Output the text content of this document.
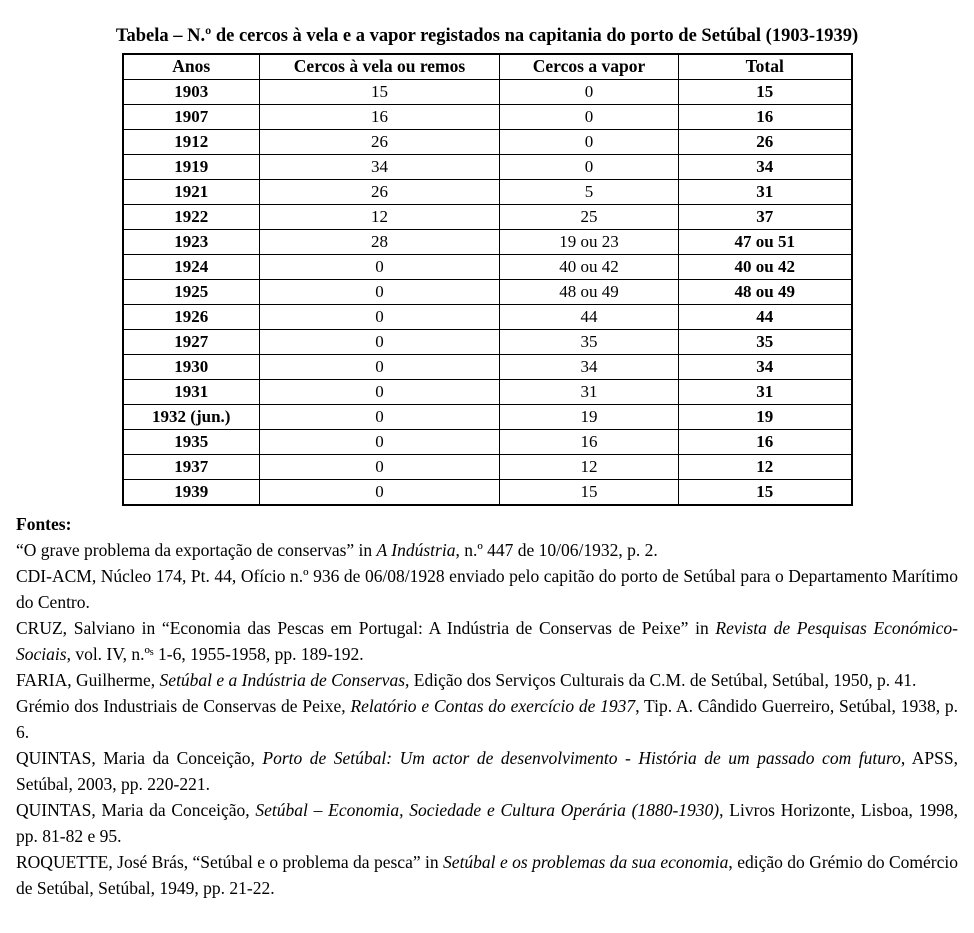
Tabela – N.º de cercos à vela e a vapor registados na capitania do porto de Setúbal (1903-1939)
Anos	Cercos à vela ou remos	Cercos a vapor	Total
1903	15	0	15
1907	16	0	16
1912	26	0	26
1919	34	0	34
1921	26	5	31
1922	12	25	37
1923	28	19 ou 23	47 ou 51
1924	0	40 ou 42	40 ou 42
1925	0	48 ou 49	48 ou 49
1926	0	44	44
1927	0	35	35
1930	0	34	34
1931	0	31	31
1932 (jun.)	0	19	19
1935	0	16	16
1937	0	12	12
1939	0	15	15

Fontes:

“O grave problema da exportação de conservas” in A Indústria, n.º 447 de 10/06/1932, p. 2.

CDI-ACM, Núcleo 174, Pt. 44, Ofício n.º 936 de 06/08/1928 enviado pelo capitão do porto de Setúbal para o Departamento Marítimo do Centro.

CRUZ, Salviano in “Economia das Pescas em Portugal: A Indústria de Conservas de Peixe” in Revista de Pesquisas Económico-Sociais, vol. IV, n.ºˢ 1-6, 1955-1958, pp. 189-192.

FARIA, Guilherme, Setúbal e a Indústria de Conservas, Edição dos Serviços Culturais da C.M. de Setúbal, Setúbal, 1950, p. 41.

Grémio dos Industriais de Conservas de Peixe, Relatório e Contas do exercício de 1937, Tip. A. Cândido Guerreiro, Setúbal, 1938, p. 6.

QUINTAS, Maria da Conceição, Porto de Setúbal: Um actor de desenvolvimento - História de um passado com futuro, APSS, Setúbal, 2003, pp. 220-221.

QUINTAS, Maria da Conceição, Setúbal – Economia, Sociedade e Cultura Operária (1880-1930), Livros Horizonte, Lisboa, 1998, pp. 81-82 e 95.

ROQUETTE, José Brás, “Setúbal e o problema da pesca” in Setúbal e os problemas da sua economia, edição do Grémio do Comércio de Setúbal, Setúbal, 1949, pp. 21-22.
